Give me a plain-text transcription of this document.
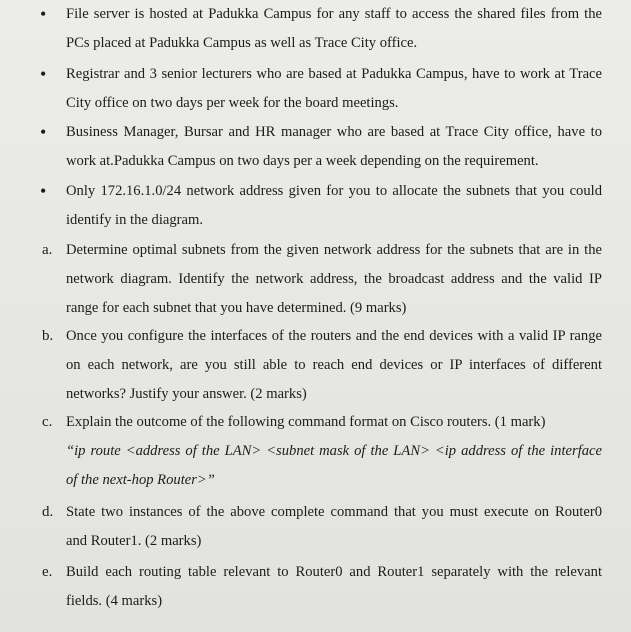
• File server is hosted at Padukka Campus for any staff to access the shared files from the
PCs placed at Padukka Campus as well as Trace City office.

• Registrar and 3 senior lecturers who are based at Padukka Campus, have to work at Trace
City office on two days per week for the board meetings.

• Business Manager, Bursar and HR manager who are based at Trace City office, have to
work at.Padukka Campus on two days per a week depending on the requirement.

• Only 172.16.1.0/24 network address given for you to allocate the subnets that you could
identify in the diagram.

a. Determine optimal subnets from the given network address for the subnets that are in the
network diagram. Identify the network address, the broadcast address and the valid IP
range for each subnet that you have determined. (9 marks)

b. Once you configure the interfaces of the routers and the end devices with a valid IP range
on each network, are you still able to reach end devices or IP interfaces of different
networks? Justify your answer. (2 marks)

c. Explain the outcome of the following command format on Cisco routers. (1 mark)
“ip route <address of the LAN> <subnet mask of the LAN> <ip address of the interface
of the next-hop Router>”

d. State two instances of the above complete command that you must execute on Router0
and Router1. (2 marks)

e. Build each routing table relevant to Router0 and Router1 separately with the relevant
fields. (4 marks)
